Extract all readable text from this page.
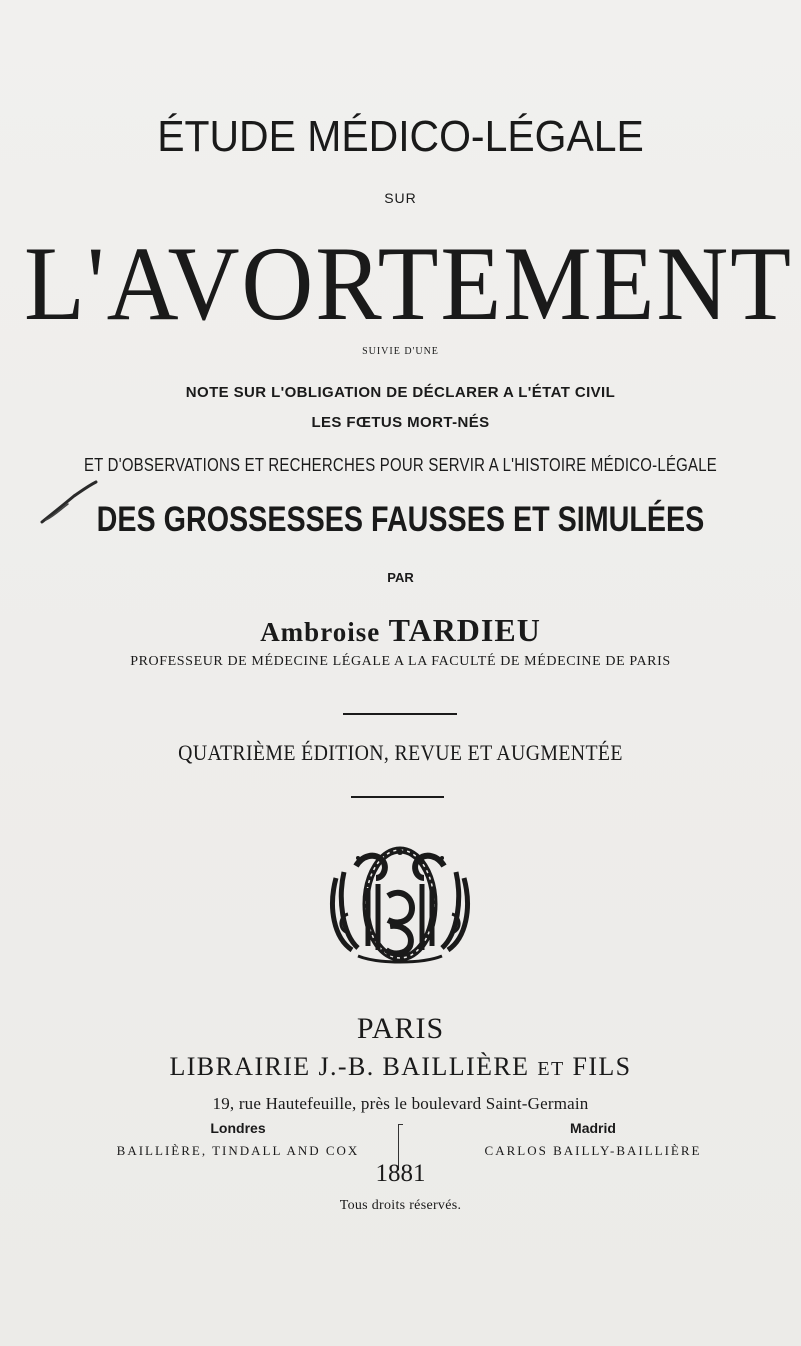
ÉTUDE MÉDICO-LÉGALE
SUR
L'AVORTEMENT
SUIVIE D'UNE
NOTE SUR L'OBLIGATION DE DÉCLARER A L'ÉTAT CIVIL
LES FŒTUS MORT-NÉS
ET D'OBSERVATIONS ET RECHERCHES POUR SERVIR A L'HISTOIRE MÉDICO-LÉGALE
DES GROSSESSES FAUSSES ET SIMULÉES
PAR
Ambroise TARDIEU
PROFESSEUR DE MÉDECINE LÉGALE A LA FACULTÉ DE MÉDECINE DE PARIS
QUATRIÈME ÉDITION, REVUE ET AUGMENTÉE
PARIS
LIBRAIRIE J.-B. BAILLIÈRE ET FILS
19, rue Hautefeuille, près le boulevard Saint-Germain
Londres
BAILLIÈRE, TINDALL AND COX
Madrid
CARLOS BAILLY-BAILLIÈRE
1881
Tous droits réservés.
